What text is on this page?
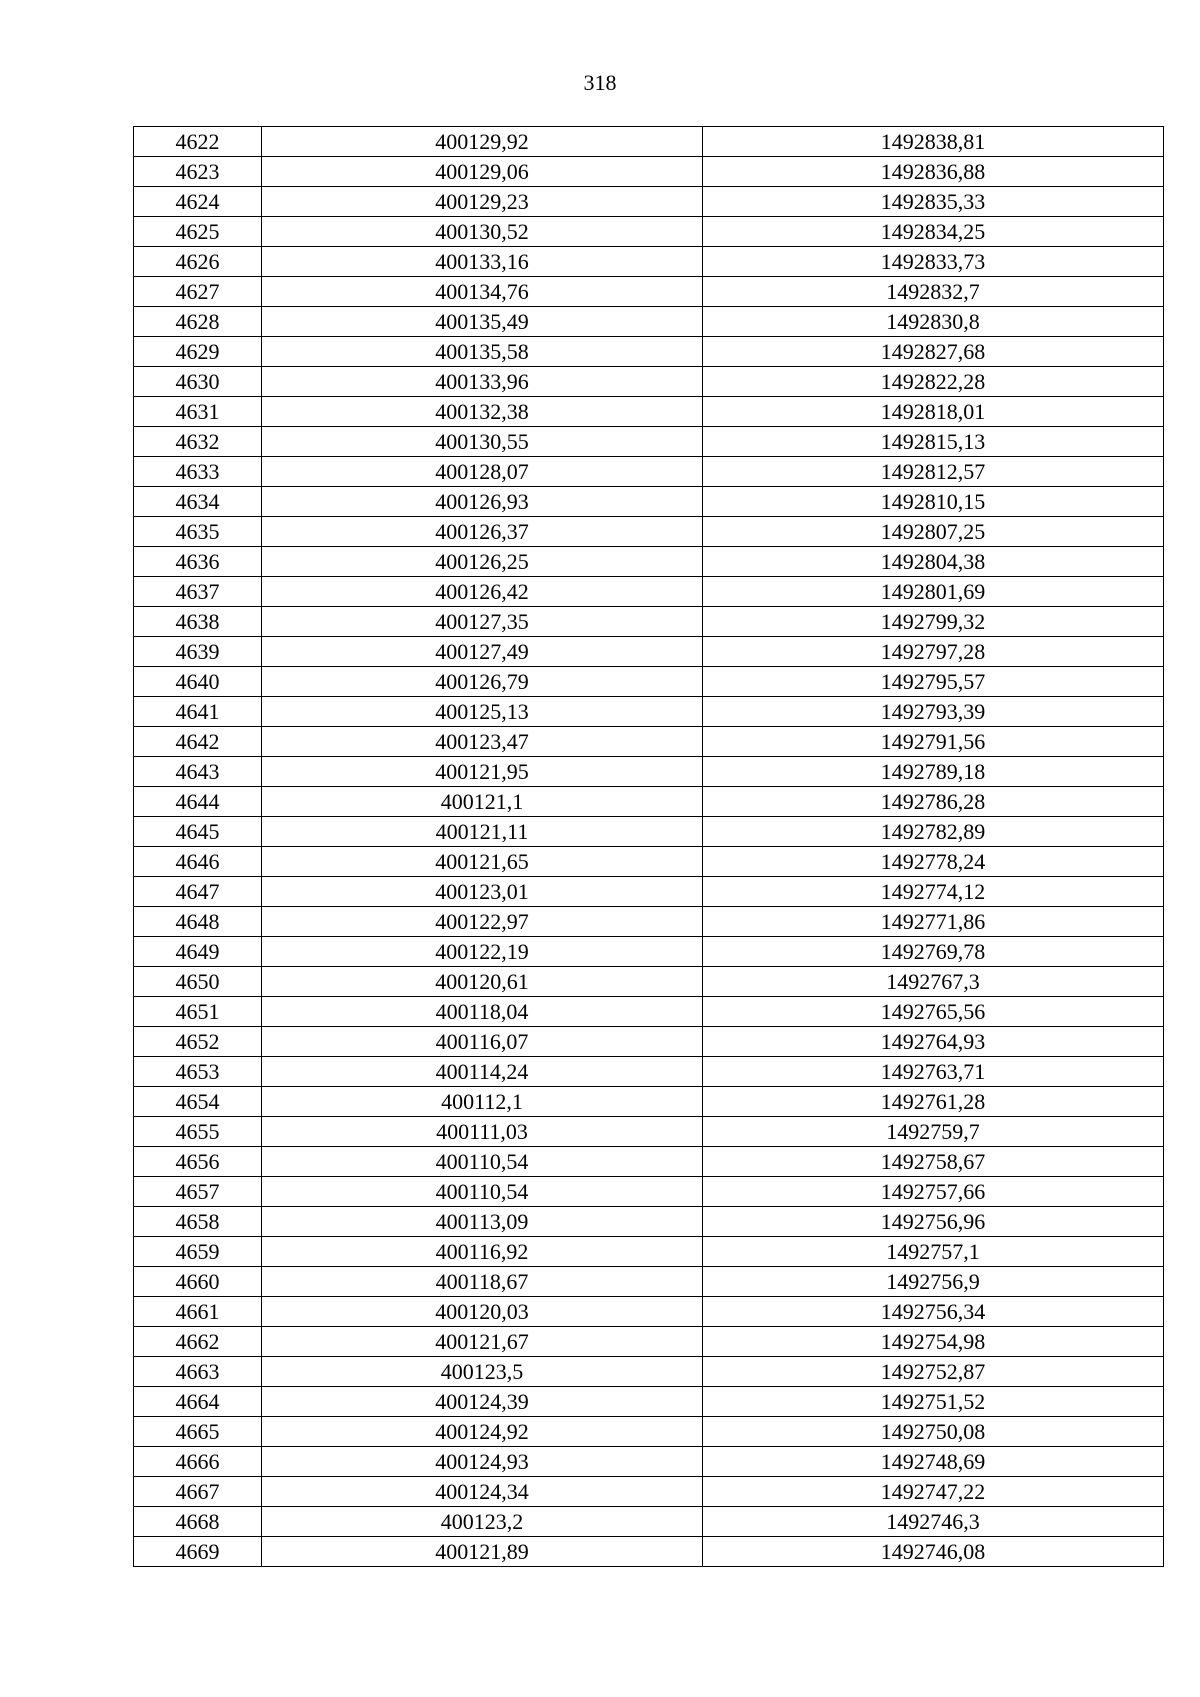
318
4622	400129,92	1492838,81
4623	400129,06	1492836,88
4624	400129,23	1492835,33
4625	400130,52	1492834,25
4626	400133,16	1492833,73
4627	400134,76	1492832,7
4628	400135,49	1492830,8
4629	400135,58	1492827,68
4630	400133,96	1492822,28
4631	400132,38	1492818,01
4632	400130,55	1492815,13
4633	400128,07	1492812,57
4634	400126,93	1492810,15
4635	400126,37	1492807,25
4636	400126,25	1492804,38
4637	400126,42	1492801,69
4638	400127,35	1492799,32
4639	400127,49	1492797,28
4640	400126,79	1492795,57
4641	400125,13	1492793,39
4642	400123,47	1492791,56
4643	400121,95	1492789,18
4644	400121,1	1492786,28
4645	400121,11	1492782,89
4646	400121,65	1492778,24
4647	400123,01	1492774,12
4648	400122,97	1492771,86
4649	400122,19	1492769,78
4650	400120,61	1492767,3
4651	400118,04	1492765,56
4652	400116,07	1492764,93
4653	400114,24	1492763,71
4654	400112,1	1492761,28
4655	400111,03	1492759,7
4656	400110,54	1492758,67
4657	400110,54	1492757,66
4658	400113,09	1492756,96
4659	400116,92	1492757,1
4660	400118,67	1492756,9
4661	400120,03	1492756,34
4662	400121,67	1492754,98
4663	400123,5	1492752,87
4664	400124,39	1492751,52
4665	400124,92	1492750,08
4666	400124,93	1492748,69
4667	400124,34	1492747,22
4668	400123,2	1492746,3
4669	400121,89	1492746,08
